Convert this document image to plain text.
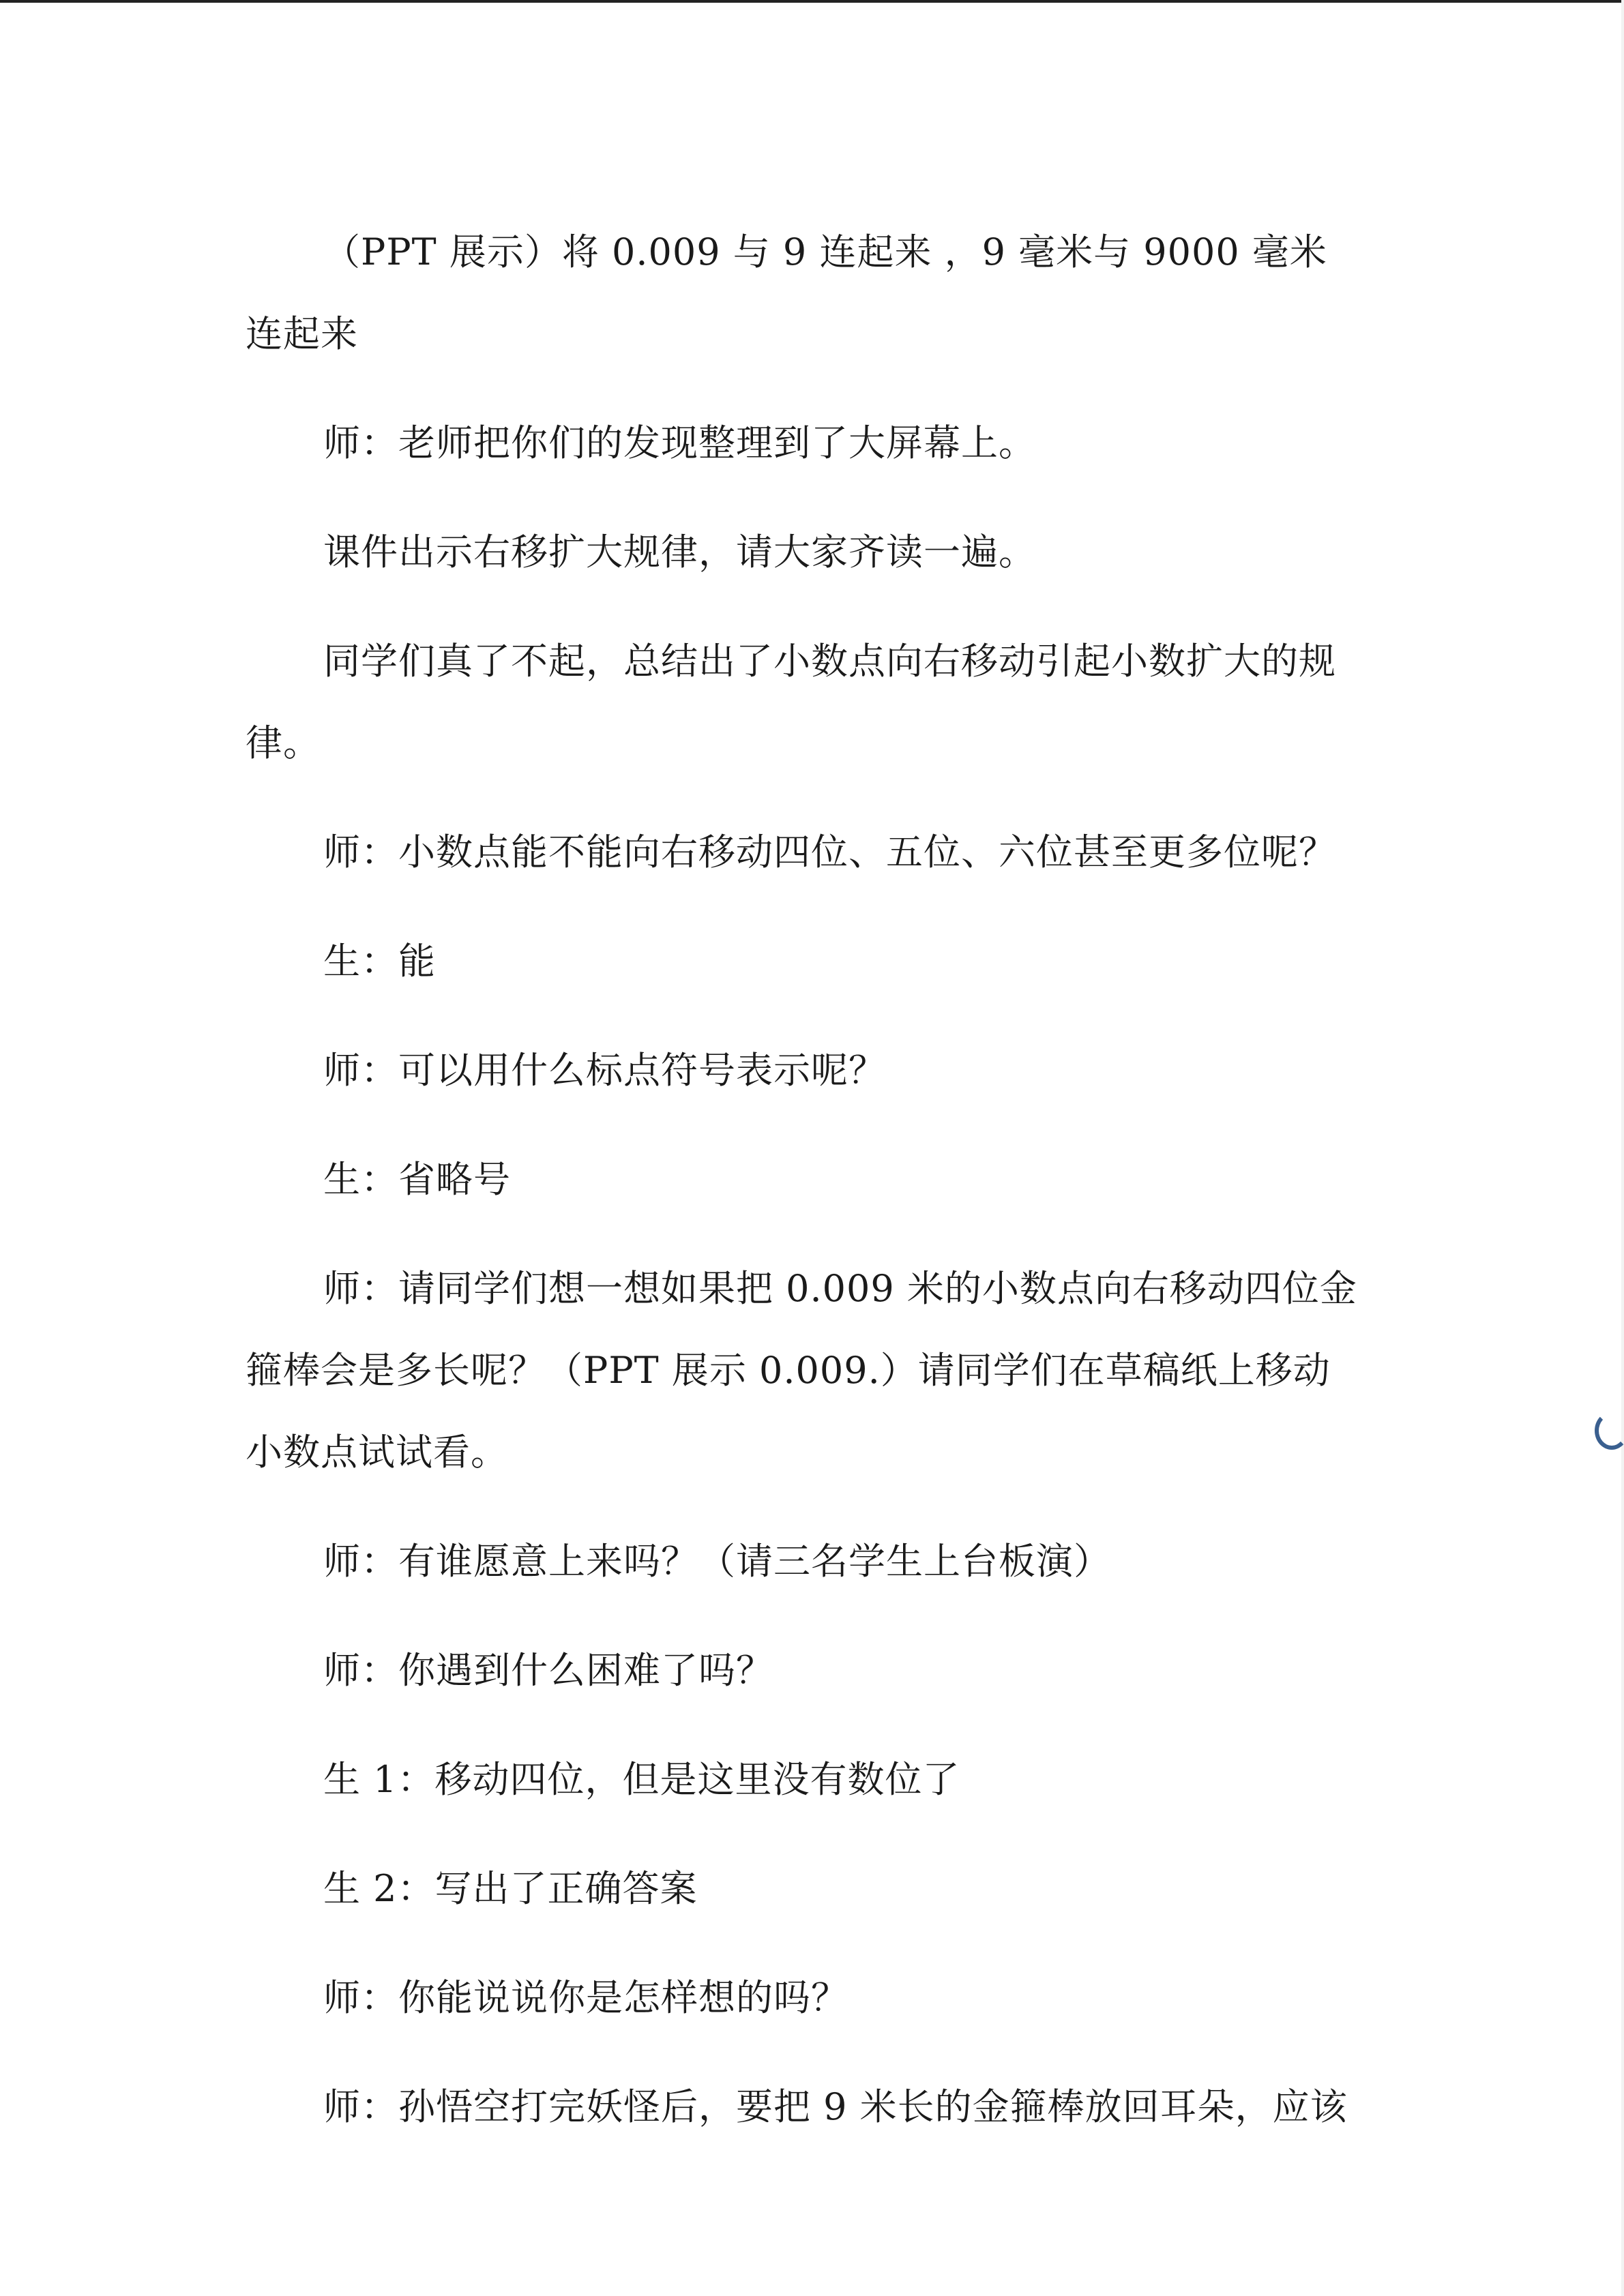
（PPT 展示）将 0.009 与 9 连起来 ，9 毫米与 9000 毫米连起来

师：老师把你们的发现整理到了大屏幕上。

课件出示右移扩大规律，请大家齐读一遍。

同学们真了不起，总结出了小数点向右移动引起小数扩大的规律。

师：小数点能不能向右移动四位、五位、六位甚至更多位呢？

生：能

师：可以用什么标点符号表示呢？

生：省略号

师：请同学们想一想如果把 0.009 米的小数点向右移动四位金箍棒会是多长呢？（PPT 展示 0.009.）请同学们在草稿纸上移动小数点试试看。

师：有谁愿意上来吗？（请三名学生上台板演）

师：你遇到什么困难了吗？

生 1：移动四位，但是这里没有数位了

生 2：写出了正确答案

师：你能说说你是怎样想的吗？

师：孙悟空打完妖怪后，要把 9 米长的金箍棒放回耳朵，应该
